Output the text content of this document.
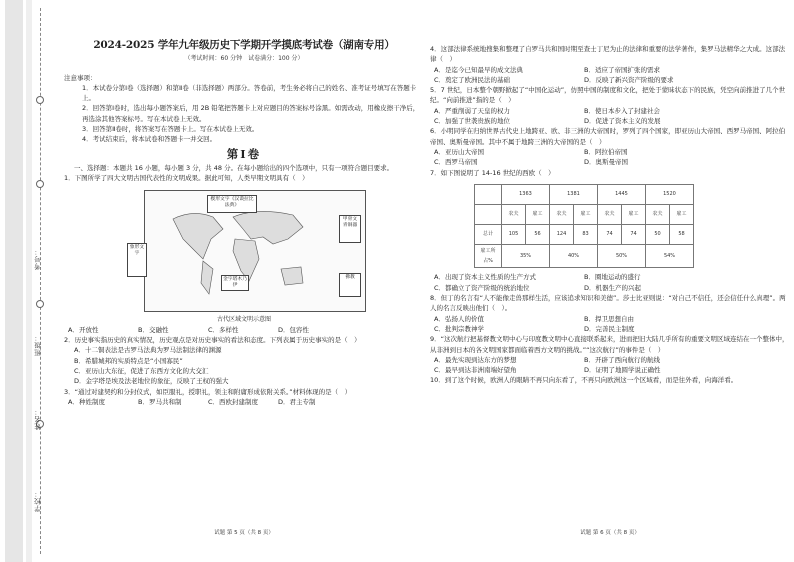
考号：
班级：
姓名：
学校：
2024-2025 学年九年级历史下学期开学摸底考试卷（湖南专用）
（考试时间：60 分钟　试卷满分：100 分）

注意事项：

1．本试卷分第Ⅰ卷（选择题）和第Ⅱ卷（非选择题）两部分。答卷前，考生务必将自己的姓名、准考证号填写在答题卡上。

2．回答第Ⅰ卷时，选出每小题答案后，用 2B 铅笔把答题卡上对应题目的答案标号涂黑。如需改动，用橡皮擦干净后，再选涂其他答案标号。写在本试卷上无效。

3．回答第Ⅱ卷时，将答案写在答题卡上。写在本试卷上无效。

4．考试结束后，将本试卷和答题卡一并交回。

第Ⅰ卷

一、选择题：本题共 16 小题，每小题 3 分，共 48 分。在每小题给出的四个选项中，只有一项符合题目要求。

1．下图所学了四大文明古国代表性的文明成果。据此可知，人类早期文明具有（　）

象形文字
楔形文字《汉谟拉比法典》
甲骨文青铜器
佛教
金字塔木乃伊
古代区域文明示意图
A．开放性	B．交融性	C．多样性	D．包容性

2．历史事实指历史的真实情况，历史观点是对历史事实的看法和态度。下列表属于历史事实的是（　）

A．十二铜表法是古罗马法典为罗马法制法律的渊源

B．希腊城邦的实质特点是“小国寡民”

C．亚历山大东征，促进了东西方文化的大交汇

D．金字塔是埃及法老地位的象征，反映了王权的强大

3．“通过对建契约和分封仪式，如臣服礼，授职礼，领主和附庸形成依附关系。”材料体现的是（　）

A．种姓制度	B．罗马共和制	C．西欧封建制度	D．君主专制
试题 第 5 页（共 8 页）

4．这部法律系统地搜集和整理了自罗马共和国时期至查士丁尼为止的法律和重要的法学著作，集罗马法精华之大成。这部法律（　）

A．是迄今已知最早的成文法典	B．适应了帝国扩张的需求
C．奠定了欧洲民法的基础	D．反映了新兴资产阶级的要求

5．7 世纪，日本整个朝野掀起了“中国化运动”，仿照中国的制度和文化，把处于蒙昧状态下的民族，凭空向前推进了几个世纪。“向前推进”指的是（　）

A．严重削弱了天皇的权力	B．使日本步入了封建社会
C．加强了世袭贵族的地位	D．促进了资本主义的发展

6．小明同学在归纳世界古代史上地跨亚、欧、非三洲的大帝国时，罗列了四个国家，即亚历山大帝国、西罗马帝国、阿拉伯帝国、奥斯曼帝国。其中不属于地跨三洲的大帝国的是（　）

A．亚历山大帝国	B．阿拉伯帝国
C．西罗马帝国	D．奥斯曼帝国

7．如下图说明了 14-16 世纪的西欧（　）

	1363		1381		1445		1520	
	农夫	雇工	农夫	雇工	农夫	雇工	农夫	雇工
总计	105	56	124	83	74	74	50	58
雇工所占%	35%		40%		50%		54%	
A．出现了资本主义性质的生产方式	B．圈地运动的盛行
C．都确立了资产阶级的统治地位	D．机器生产的兴起

8．但丁的名言有“人不能像走兽那样生活，应该追求知识和美德”。莎士比亚则说：“对自己不信任，还会信任什么真理”。两人的名言反映出他们（　）。

A．弘扬人的价值	B．捍卫思想自由
C．批判宗教神学	D．完善民主制度

9．“这次航行把基督教文明中心与印度教文明中心直接联系起来，进而把旧大陆几乎所有的重要文明区域连结在一个整体中，从非洲到日本的各文明国家都面临着西方文明的挑战。”“这次航行”的事件是（　）

A．最先实现到达东方的梦想	B．开辟了西向航行的航线
C．最早到达非洲南端好望角	D．证明了地圆学说正确性

10．到了这个时候，欧洲人的眼睛不再只向东看了，不再只向欧洲这一个区域看，而是往外看，向海洋看。

试题 第 6 页（共 8 页）
